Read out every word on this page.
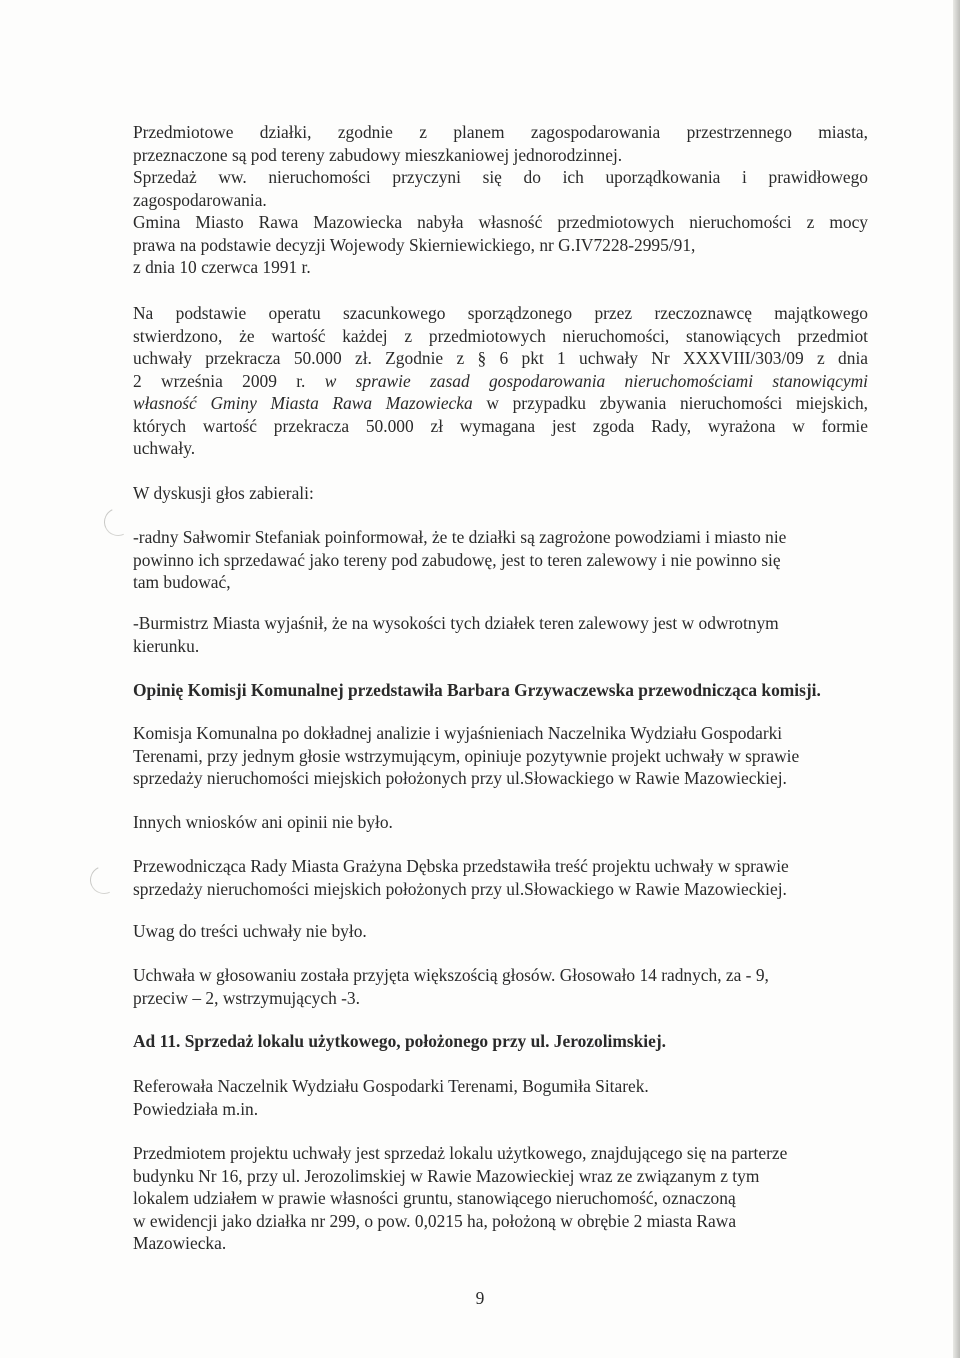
Przedmiotowe działki, zgodnie z planem zagospodarowania przestrzennego miasta,
przeznaczone są pod tereny zabudowy mieszkaniowej jednorodzinnej.
Sprzedaż ww. nieruchomości przyczyni się do ich uporządkowania i prawidłowego
zagospodarowania.
Gmina Miasto Rawa Mazowiecka nabyła własność przedmiotowych nieruchomości z mocy
prawa na podstawie decyzji Wojewody Skierniewickiego, nr G.IV7228-2995/91,
z dnia 10 czerwca 1991 r.
Na podstawie operatu szacunkowego sporządzonego przez rzeczoznawcę majątkowego
stwierdzono, że wartość każdej z przedmiotowych nieruchomości, stanowiących przedmiot
uchwały przekracza 50.000 zł. Zgodnie z § 6 pkt 1 uchwały Nr XXXVIII/303/09 z dnia
2 września 2009 r. w sprawie zasad gospodarowania nieruchomościami stanowiącymi
własność Gminy Miasta Rawa Mazowiecka w przypadku zbywania nieruchomości miejskich,
których wartość przekracza 50.000 zł wymagana jest zgoda Rady, wyrażona w formie
uchwały.
W dyskusji głos zabierali:
-radny Sałwomir Stefaniak poinformował, że te działki są zagrożone powodziami i miasto nie
powinno ich sprzedawać jako tereny pod zabudowę, jest to teren zalewowy i nie powinno się
tam budować,
-Burmistrz Miasta wyjaśnił, że na wysokości tych działek teren zalewowy jest w odwrotnym
kierunku.
Opinię Komisji Komunalnej przedstawiła Barbara Grzywaczewska przewodnicząca komisji.
Komisja Komunalna po dokładnej analizie i wyjaśnieniach Naczelnika Wydziału Gospodarki
Terenami, przy jednym głosie wstrzymującym, opiniuje pozytywnie projekt uchwały w sprawie
sprzedaży nieruchomości miejskich położonych przy ul.Słowackiego w Rawie Mazowieckiej.
Innych wniosków ani opinii nie było.
Przewodnicząca Rady Miasta Grażyna Dębska przedstawiła treść projektu uchwały w sprawie
sprzedaży nieruchomości miejskich położonych przy ul.Słowackiego w Rawie Mazowieckiej.
Uwag do treści uchwały nie było.
Uchwała w głosowaniu została przyjęta większością głosów. Głosowało 14 radnych, za - 9,
przeciw – 2, wstrzymujących -3.
Ad 11. Sprzedaż lokalu użytkowego, położonego przy ul. Jerozolimskiej.
Referowała Naczelnik Wydziału Gospodarki Terenami, Bogumiła Sitarek.
Powiedziała m.in.
Przedmiotem projektu uchwały jest sprzedaż lokalu użytkowego, znajdującego się na parterze
budynku Nr 16, przy ul. Jerozolimskiej w Rawie Mazowieckiej wraz ze związanym z tym
lokalem udziałem w prawie własności gruntu, stanowiącego nieruchomość, oznaczoną
w ewidencji jako działka nr 299, o pow. 0,0215 ha, położoną w obrębie 2 miasta Rawa
Mazowiecka.
9
